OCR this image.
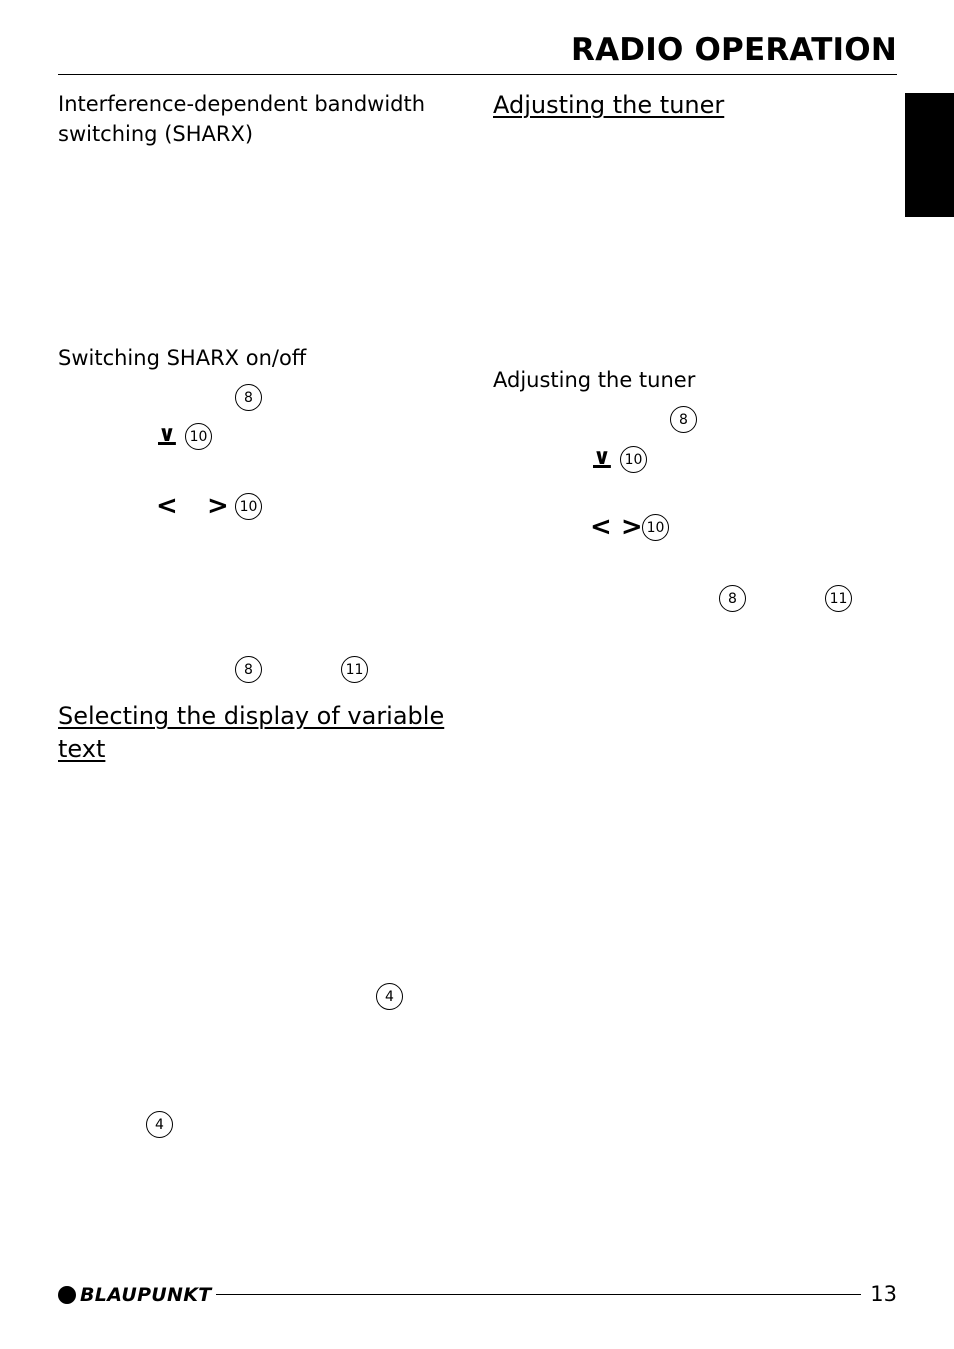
RADIO OPERATION

Interference-dependent bandwidth

switching (SHARX)

Switching SHARX on/off

8
∨ 10
< > 10
8	11

Selecting the display of variable

text

4
4

Adjusting the tuner

Adjusting the tuner

8
∨ 10
< > 10
8	11
BLAUPUNKT	13
